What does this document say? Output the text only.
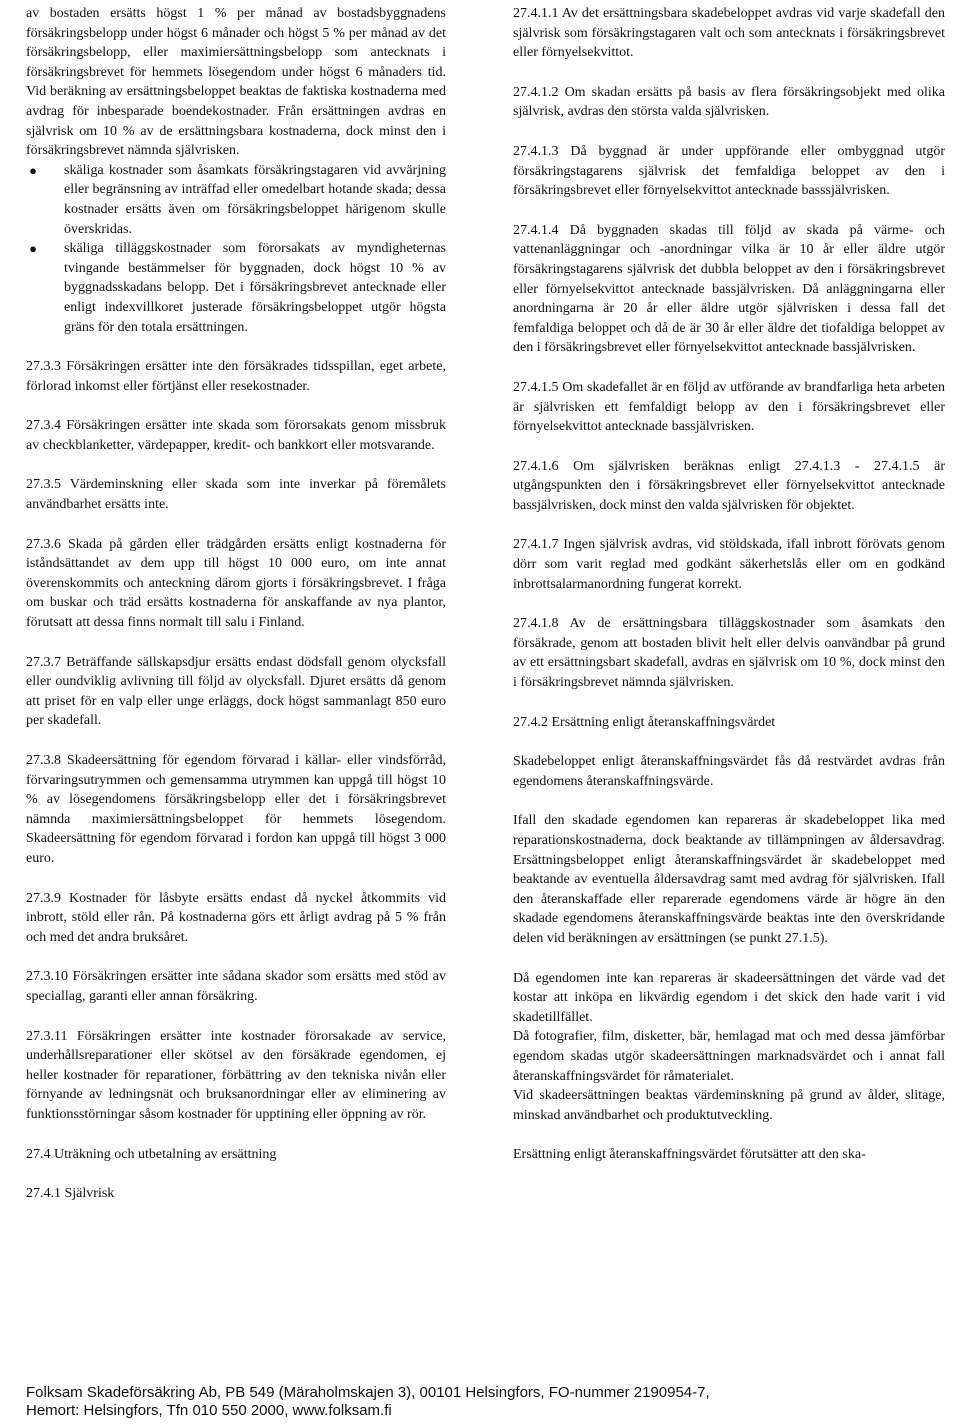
av bostaden ersätts högst 1 % per månad av bostadsbyggnadens försäkringsbelopp under högst 6 månader och högst 5 % per månad av det försäkringsbelopp, eller maximiersättningsbelopp som antecknats i försäkringsbrevet för hemmets lösegendom under högst 6 månaders tid. Vid beräkning av ersättningsbeloppet beaktas de faktiska kostnaderna med avdrag för inbesparade boendekostnader. Från ersättningen avdras en självrisk om 10 % av de ersättningsbara kostnaderna, dock minst den i försäkringsbrevet nämnda självrisken.

● skäliga kostnader som åsamkats försäkringstagaren vid avvärjning eller begränsning av inträffad eller omedelbart hotande skada; dessa kostnader ersätts även om försäkringsbeloppet härigenom skulle överskridas.
● skäliga tilläggskostnader som förorsakats av myndigheternas tvingande bestämmelser för byggnaden, dock högst 10 % av byggnadsskadans belopp. Det i försäkringsbrevet antecknade eller enligt indexvillkoret justerade försäkringsbeloppet utgör högsta gräns för den totala ersättningen.

27.3.3 Försäkringen ersätter inte den försäkrades tidsspillan, eget arbete, förlorad inkomst eller förtjänst eller resekostnader.

27.3.4 Försäkringen ersätter inte skada som förorsakats genom missbruk av checkblanketter, värdepapper, kredit- och bankkort eller motsvarande.

27.3.5 Värdeminskning eller skada som inte inverkar på föremålets användbarhet ersätts inte.

27.3.6 Skada på gården eller trädgården ersätts enligt kostnaderna för iståndsättandet av dem upp till högst 10 000 euro, om inte annat överenskommits och anteckning därom gjorts i försäkringsbrevet. I fråga om buskar och träd ersätts kostnaderna för anskaffande av nya plantor, förutsatt att dessa finns normalt till salu i Finland.

27.3.7 Beträffande sällskapsdjur ersätts endast dödsfall genom olycksfall eller oundviklig avlivning till följd av olycksfall. Djuret ersätts då genom att priset för en valp eller unge erläggs, dock högst sammanlagt 850 euro per skadefall.

27.3.8 Skadeersättning för egendom förvarad i källar- eller vindsförråd, förvaringsutrymmen och gemensamma utrymmen kan uppgå till högst 10 % av lösegendomens försäkringsbelopp eller det i försäkringsbrevet nämnda maximiersättningsbeloppet för hemmets lösegendom. Skadeersättning för egendom förvarad i fordon kan uppgå till högst 3 000 euro.

27.3.9 Kostnader för låsbyte ersätts endast då nyckel åtkommits vid inbrott, stöld eller rån. På kostnaderna görs ett årligt avdrag på 5 % från och med det andra bruksåret.

27.3.10 Försäkringen ersätter inte sådana skador som ersätts med stöd av speciallag, garanti eller annan försäkring.

27.3.11 Försäkringen ersätter inte kostnader förorsakade av service, underhållsreparationer eller skötsel av den försäkrade egendomen, ej heller kostnader för reparationer, förbättring av den tekniska nivån eller förnyande av ledningsnät och bruksanordningar eller av eliminering av funktionsstörningar såsom kostnader för upptining eller öppning av rör.

27.4 Uträkning och utbetalning av ersättning

27.4.1 Självrisk

27.4.1.1 Av det ersättningsbara skadebeloppet avdras vid varje skadefall den självrisk som försäkringstagaren valt och som antecknats i försäkringsbrevet eller förnyelsekvittot.

27.4.1.2 Om skadan ersätts på basis av flera försäkringsobjekt med olika självrisk, avdras den största valda självrisken.

27.4.1.3 Då byggnad är under uppförande eller ombyggnad utgör försäkringstagarens självrisk det femfaldiga beloppet av den i försäkringsbrevet eller förnyelsekvittot antecknade basssjälvrisken.

27.4.1.4 Då byggnaden skadas till följd av skada på värme- och vattenanläggningar och -anordningar vilka är 10 år eller äldre utgör försäkringstagarens självrisk det dubbla beloppet av den i försäkringsbrevet eller förnyelsekvittot antecknade bassjälvrisken. Då anläggningarna eller anordningarna är 20 år eller äldre utgör självrisken i dessa fall det femfaldiga beloppet och då de är 30 år eller äldre det tiofaldiga beloppet av den i försäkringsbrevet eller förnyelsekvittot antecknade bassjälvrisken.

27.4.1.5 Om skadefallet är en följd av utförande av brandfarliga heta arbeten är självrisken ett femfaldigt belopp av den i försäkringsbrevet eller förnyelsekvittot antecknade bassjälvrisken.

27.4.1.6 Om självrisken beräknas enligt 27.4.1.3 - 27.4.1.5 är utgångspunkten den i försäkringsbrevet eller förnyelsekvittot antecknade bassjälvrisken, dock minst den valda självrisken för objektet.

27.4.1.7 Ingen självrisk avdras, vid stöldskada, ifall inbrott förövats genom dörr som varit reglad med godkänt säkerhetslås eller om en godkänd inbrottsalarmanordning fungerat korrekt.

27.4.1.8 Av de ersättningsbara tilläggskostnader som åsamkats den försäkrade, genom att bostaden blivit helt eller delvis oanvändbar på grund av ett ersättningsbart skadefall, avdras en självrisk om 10 %, dock minst den i försäkringsbrevet nämnda självrisken.

27.4.2 Ersättning enligt återanskaffningsvärdet

Skadebeloppet enligt återanskaffningsvärdet fås då restvärdet avdras från egendomens återanskaffningsvärde.

Ifall den skadade egendomen kan repareras är skadebeloppet lika med reparationskostnaderna, dock beaktande av tillämpningen av åldersavdrag. Ersättningsbeloppet enligt återanskaffningsvärdet är skadebeloppet med beaktande av eventuella åldersavdrag samt med avdrag för självrisken. Ifall den återanskaffade eller reparerade egendomens värde är högre än den skadade egendomens återanskaffningsvärde beaktas inte den överskridande delen vid beräkningen av ersättningen (se punkt 27.1.5).

Då egendomen inte kan repareras är skadeersättningen det värde vad det kostar att inköpa en likvärdig egendom i det skick den hade varit i vid skadetillfället.

Då fotografier, film, disketter, bär, hemlagad mat och med dessa jämförbar egendom skadas utgör skadeersättningen marknadsvärdet och i annat fall återanskaffningsvärdet för råmaterialet.

Vid skadeersättningen beaktas värdeminskning på grund av ålder, slitage, minskad användbarhet och produktutveckling.

Ersättning enligt återanskaffningsvärdet förutsätter att den ska-

Folksam Skadeförsäkring Ab, PB 549 (Märaholmskajen 3), 00101 Helsingfors, FO-nummer 2190954-7,
Hemort: Helsingfors, Tfn 010 550 2000, www.folksam.fi
